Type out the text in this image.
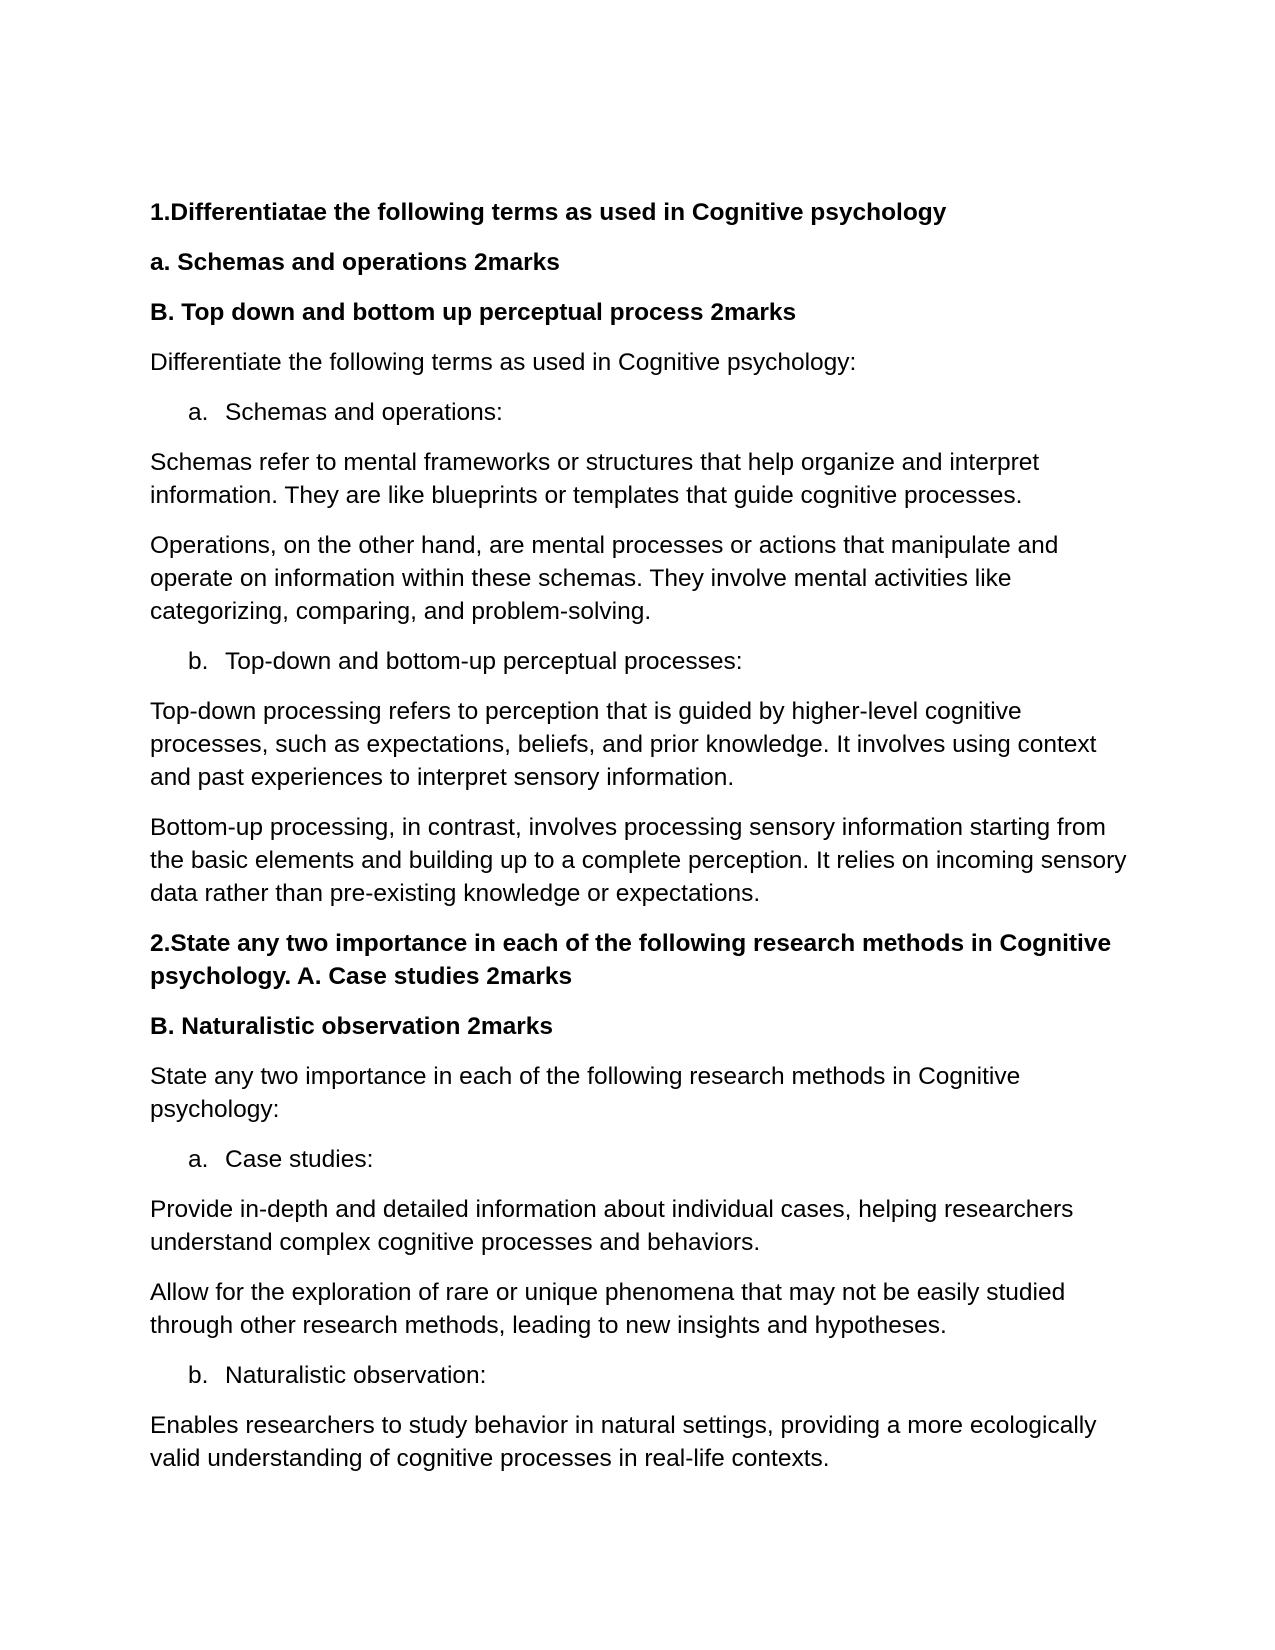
1.Differentiatae the following terms as used in Cognitive psychology

a. Schemas and operations 2marks

B. Top down and bottom up perceptual process 2marks

Differentiate the following terms as used in Cognitive psychology:

a. Schemas and operations:

Schemas refer to mental frameworks or structures that help organize and interpret information. They are like blueprints or templates that guide cognitive processes.

Operations, on the other hand, are mental processes or actions that manipulate and operate on information within these schemas. They involve mental activities like categorizing, comparing, and problem-solving.

b. Top-down and bottom-up perceptual processes:

Top-down processing refers to perception that is guided by higher-level cognitive processes, such as expectations, beliefs, and prior knowledge. It involves using context and past experiences to interpret sensory information.

Bottom-up processing, in contrast, involves processing sensory information starting from the basic elements and building up to a complete perception. It relies on incoming sensory data rather than pre-existing knowledge or expectations.

2.State any two importance in each of the following research methods in Cognitive psychology. A. Case studies 2marks

B. Naturalistic observation 2marks

State any two importance in each of the following research methods in Cognitive psychology:

a. Case studies:

Provide in-depth and detailed information about individual cases, helping researchers understand complex cognitive processes and behaviors.

Allow for the exploration of rare or unique phenomena that may not be easily studied through other research methods, leading to new insights and hypotheses.

b. Naturalistic observation:

Enables researchers to study behavior in natural settings, providing a more ecologically valid understanding of cognitive processes in real-life contexts.
